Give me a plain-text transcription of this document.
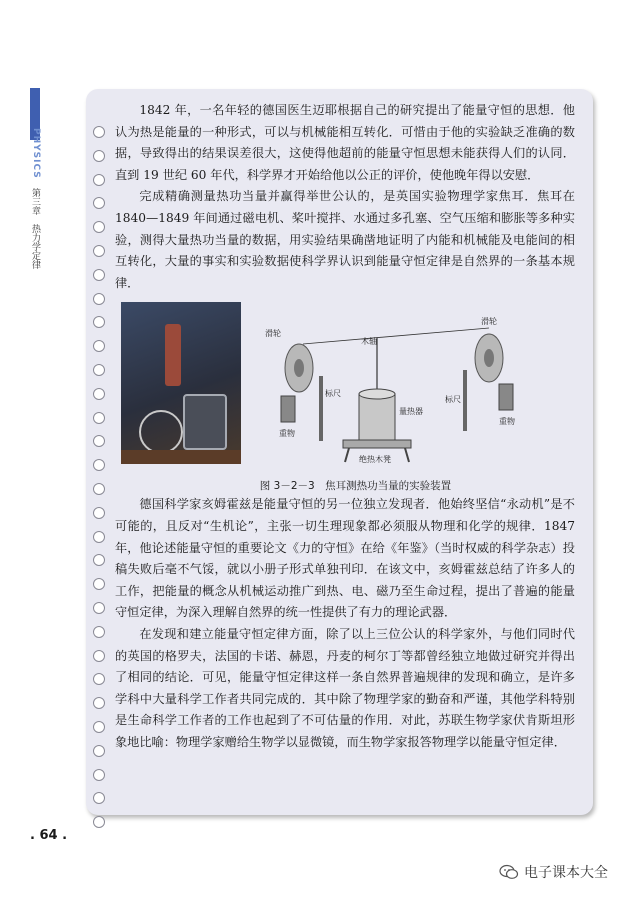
PHYSICS
第三章　热力学定律

1842 年，一名年轻的德国医生迈耶根据自己的研究提出了能量守恒的思想．他认为热是能量的一种形式，可以与机械能相互转化．可惜由于他的实验缺乏准确的数据，导致得出的结果误差很大，这使得他超前的能量守恒思想未能获得人们的认同．直到 19 世纪 60 年代，科学界才开始给他以公正的评价，使他晚年得以安慰．

完成精确测量热功当量并赢得举世公认的，是英国实验物理学家焦耳．焦耳在 1840—1849 年间通过磁电机、桨叶搅拌、水通过多孔塞、空气压缩和膨胀等多种实验，测得大量热功当量的数据，用实验结果确凿地证明了内能和机械能及电能间的相互转化，大量的事实和实验数据使科学界认识到能量守恒定律是自然界的一条基本规律．

滑轮
木轴
滑轮
标尺
量热器
标尺
重物
重物
绝热木凳

图 3－2－3　焦耳测热功当量的实验装置

德国科学家亥姆霍兹是能量守恒的另一位独立发现者．他始终坚信“永动机”是不可能的，且反对“生机论”，主张一切生理现象都必须服从物理和化学的规律．1847 年，他论述能量守恒的重要论文《力的守恒》在给《年鉴》（当时权威的科学杂志）投稿失败后毫不气馁，就以小册子形式单独刊印．在该文中，亥姆霍兹总结了许多人的工作，把能量的概念从机械运动推广到热、电、磁乃至生命过程，提出了普遍的能量守恒定律，为深入理解自然界的统一性提供了有力的理论武器．

在发现和建立能量守恒定律方面，除了以上三位公认的科学家外，与他们同时代的英国的格罗夫，法国的卡诺、赫恩，丹麦的柯尔丁等都曾经独立地做过研究并得出了相同的结论．可见，能量守恒定律这样一条自然界普遍规律的发现和确立，是许多学科中大量科学工作者共同完成的．其中除了物理学家的勤奋和严谨，其他学科特别是生命科学工作者的工作也起到了不可估量的作用．对此，苏联生物学家伏肯斯坦形象地比喻：物理学家赠给生物学以显微镜，而生物学家报答物理学以能量守恒定律．

. 64 .
电子课本大全
